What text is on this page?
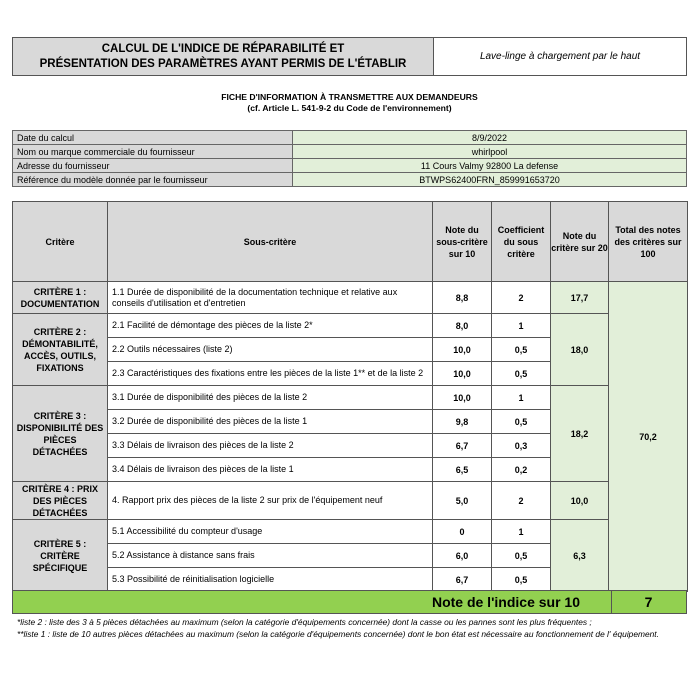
CALCUL DE L'INDICE DE RÉPARABILITÉ ET
PRÉSENTATION DES PARAMÈTRES AYANT PERMIS DE L'ÉTABLIR
Lave-linge à chargement par le haut
FICHE D'INFORMATION À TRANSMETTRE AUX DEMANDEURS
(cf. Article L. 541-9-2 du Code de l'environnement)
Date du calcul	8/9/2022
Nom ou marque commerciale du fournisseur	whirlpool
Adresse du fournisseur	11 Cours Valmy 92800 La defense
Référence du modèle donnée par le fournisseur	BTWPS62400FRN_859991653720
Critère	Sous-critère	Note du sous-critère sur 10	Coefficient du sous critère	Note du critère sur 20	Total des notes des critères sur 100
CRITÈRE 1 : DOCUMENTATION	1.1 Durée de disponibilité de la documentation technique et relative aux conseils d'utilisation et d'entretien	8,8	2	17,7	70,2
CRITÈRE 2 : DÉMONTABILITÉ, ACCÈS, OUTILS, FIXATIONS	2.1 Facilité de démontage des pièces de la liste 2*	8,0	1	18,0	
	2.2 Outils nécessaires (liste 2)	10,0	0,5		
	2.3 Caractéristiques des fixations entre les pièces de la liste 1** et de la liste 2	10,0	0,5		
CRITÈRE 3 : DISPONIBILITÉ DES PIÈCES DÉTACHÉES	3.1 Durée de disponibilité des pièces de la liste 2	10,0	1	18,2	
	3.2 Durée de disponibilité des pièces de la liste 1	9,8	0,5		
	3.3 Délais de livraison des pièces de la liste 2	6,7	0,3		
	3.4 Délais de livraison des pièces de la liste 1	6,5	0,2		
CRITÈRE 4 : PRIX DES PIÈCES DÉTACHÉES	4. Rapport prix des pièces de la liste 2 sur prix de l'équipement neuf	5,0	2	10,0	
CRITÈRE 5 : CRITÈRE SPÉCIFIQUE	5.1 Accessibilité du compteur d'usage	0	1	6,3	
	5.2 Assistance à distance sans frais	6,0	0,5		
	5.3 Possibilité de réinitialisation logicielle	6,7	0,5		
Note de l'indice sur 10	7
*liste 2 : liste des 3 à 5 pièces détachées au maximum (selon la catégorie d'équipements concernée) dont la casse ou les pannes sont les plus fréquentes ;
**liste 1 : liste de 10 autres pièces détachées au maximum (selon la catégorie d'équipements concernée) dont le bon état est nécessaire au fonctionnement de l' équipement.
